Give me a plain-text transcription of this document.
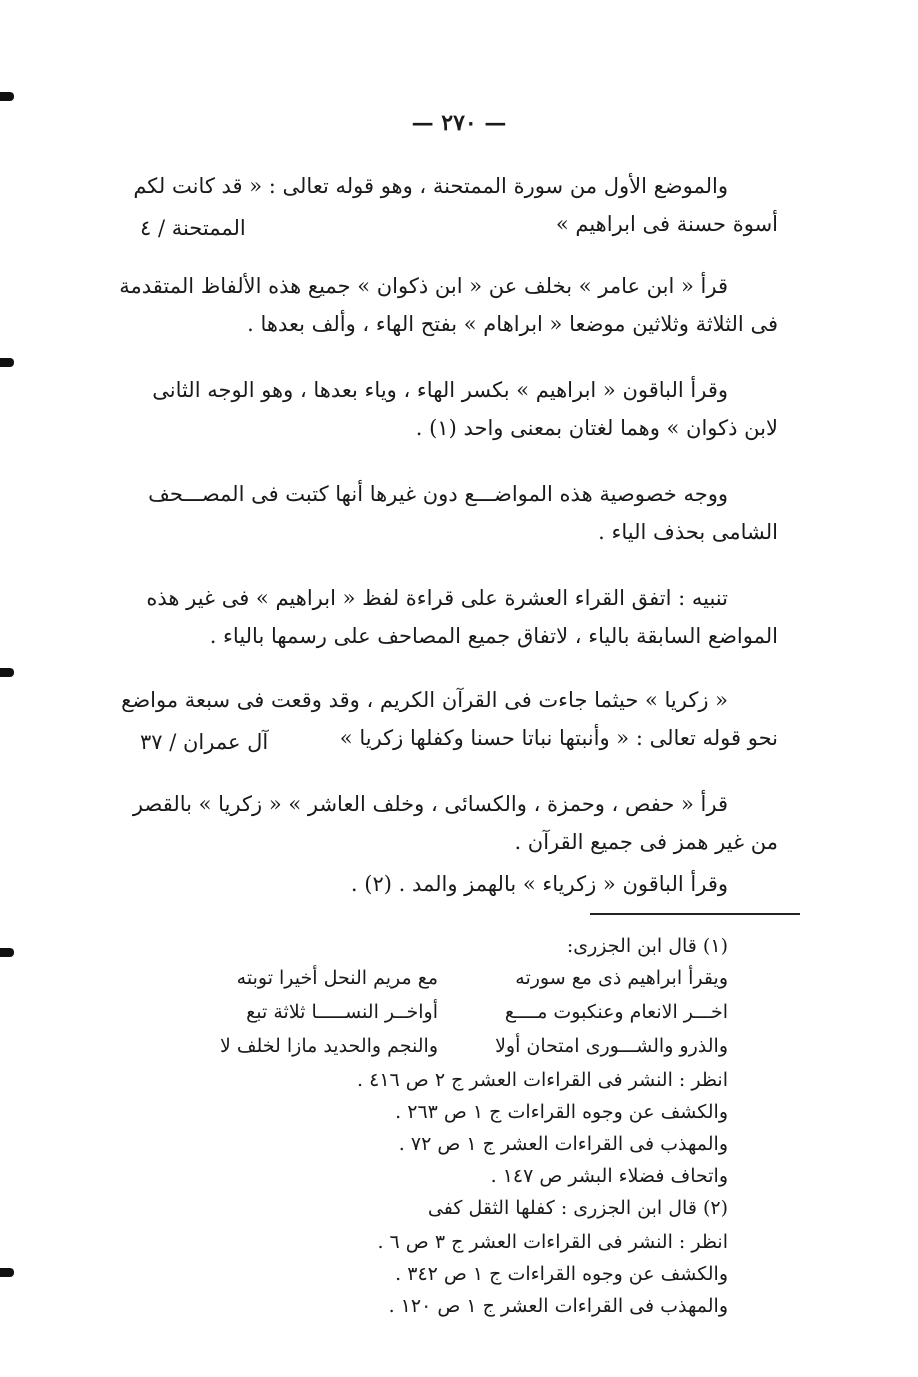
— ٢٧٠ —
والموضع الأول من سورة الممتحنة ، وهو قوله تعالى : « قد كانت لكم
أسوة حسنة فى ابراهيم »
الممتحنة / ٤
قرأ « ابن عامر » بخلف عن « ابن ذكوان » جميع هذه الألفاظ المتقدمة
فى الثلاثة وثلاثين موضعا « ابراهام » بفتح الهاء ، وألف بعدها .
وقرأ الباقون « ابراهيم » بكسر الهاء ، وياء بعدها ، وهو الوجه الثانى
لابن ذكوان » وهما لغتان بمعنى واحد (١) .
ووجه خصوصية هذه المواضـــع دون غيرها أنها كتبت فى المصـــحف
الشامى بحذف الياء .
تنبيه : اتفق القراء العشرة على قراءة لفظ « ابراهيم » فى غير هذه
المواضع السابقة بالياء ، لاتفاق جميع المصاحف على رسمها بالياء .
« زكريا » حيثما جاءت فى القرآن الكريم ، وقد وقعت فى سبعة مواضع
نحو قوله تعالى : « وأنبتها نباتا حسنا وكفلها زكريا »
آل عمران / ٣٧
قرأ « حفص ، وحمزة ، والكسائى ، وخلف العاشر » « زكريا » بالقصر
من غير همز فى جميع القرآن .
وقرأ الباقون « زكرياء » بالهمز والمد . (٢) .
(١) قال ابن الجزرى:
ويقرأ ابراهيم ذى مع سورته
مع مريم النحل أخيرا توبته
اخـــر الانعام وعنكبوت مــــع
أواخــر النســـــا ثلاثة تبع
والذرو والشـــورى امتحان أولا
والنجم والحديد مازا لخلف لا
انظر : النشر فى القراءات العشر ج ٢ ص ٤١٦ .
والكشف عن وجوه القراءات ج ١ ص ٢٦٣ .
والمهذب فى القراءات العشر ج ١ ص ٧٢ .
واتحاف فضلاء البشر ص ١٤٧ .
(٢) قال ابن الجزرى : كفلها الثقل كفى
انظر : النشر فى القراءات العشر ج ٣ ص ٦ .
والكشف عن وجوه القراءات ج ١ ص ٣٤٢ .
والمهذب فى القراءات العشر ج ١ ص ١٢٠ .
